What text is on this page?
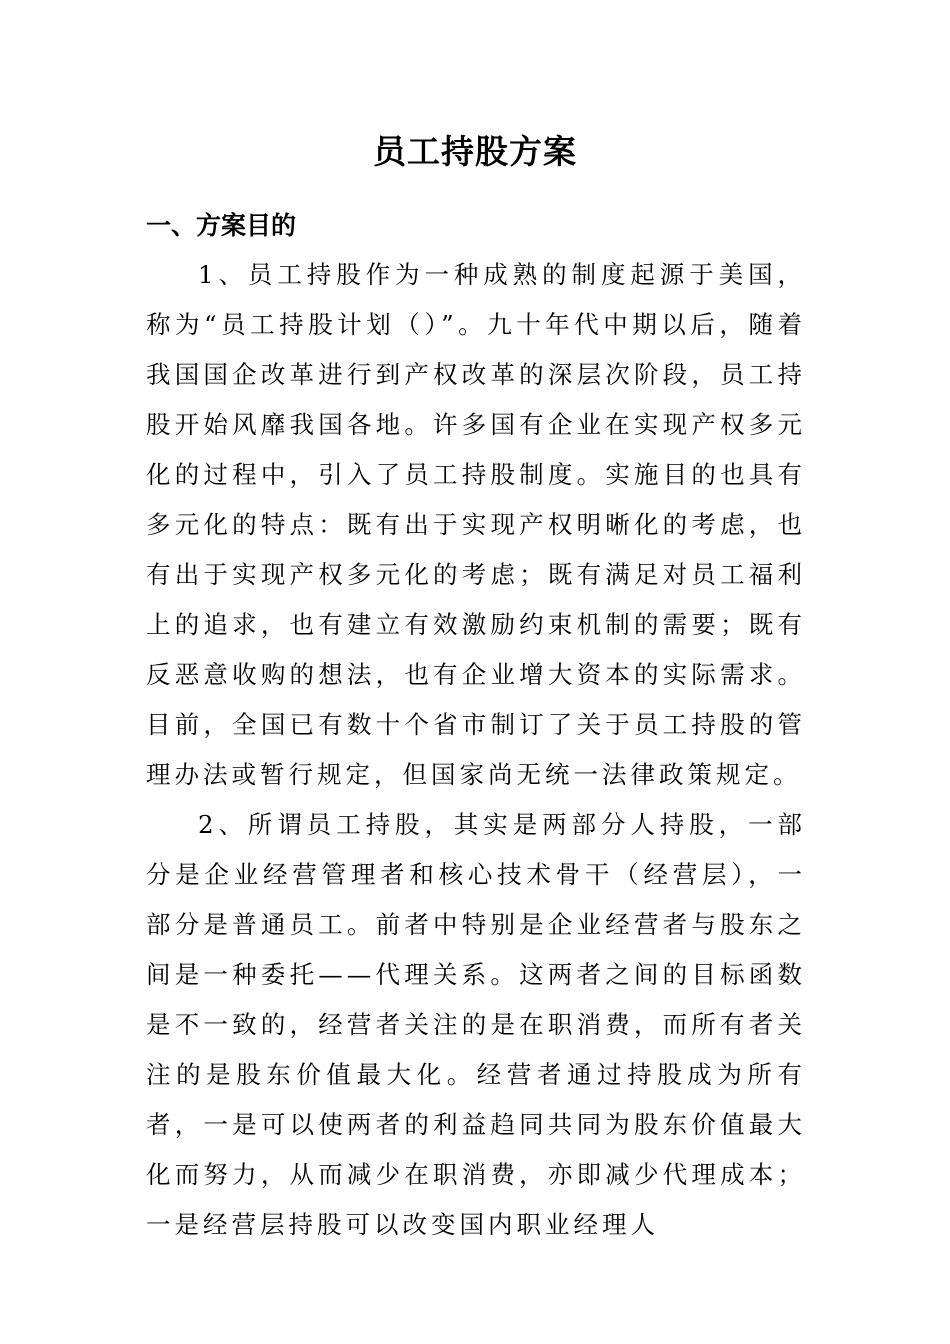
员工持股方案
一、方案目的

1、员工持股作为一种成熟的制度起源于美国，称为“员工持股计划（）”。九十年代中期以后，随着我国国企改革进行到产权改革的深层次阶段，员工持股开始风靡我国各地。许多国有企业在实现产权多元化的过程中，引入了员工持股制度。实施目的也具有多元化的特点：既有出于实现产权明晰化的考虑，也有出于实现产权多元化的考虑；既有满足对员工福利上的追求，也有建立有效激励约束机制的需要；既有反恶意收购的想法，也有企业增大资本的实际需求。目前，全国已有数十个省市制订了关于员工持股的管理办法或暂行规定，但国家尚无统一法律政策规定。

2、所谓员工持股，其实是两部分人持股，一部分是企业经营管理者和核心技术骨干（经营层），一部分是普通员工。前者中特别是企业经营者与股东之间是一种委托——代理关系。这两者之间的目标函数是不一致的，经营者关注的是在职消费，而所有者关注的是股东价值最大化。经营者通过持股成为所有者，一是可以使两者的利益趋同共同为股东价值最大化而努力，从而减少在职消费，亦即减少代理成本；一是经营层持股可以改变国内职业经理人
